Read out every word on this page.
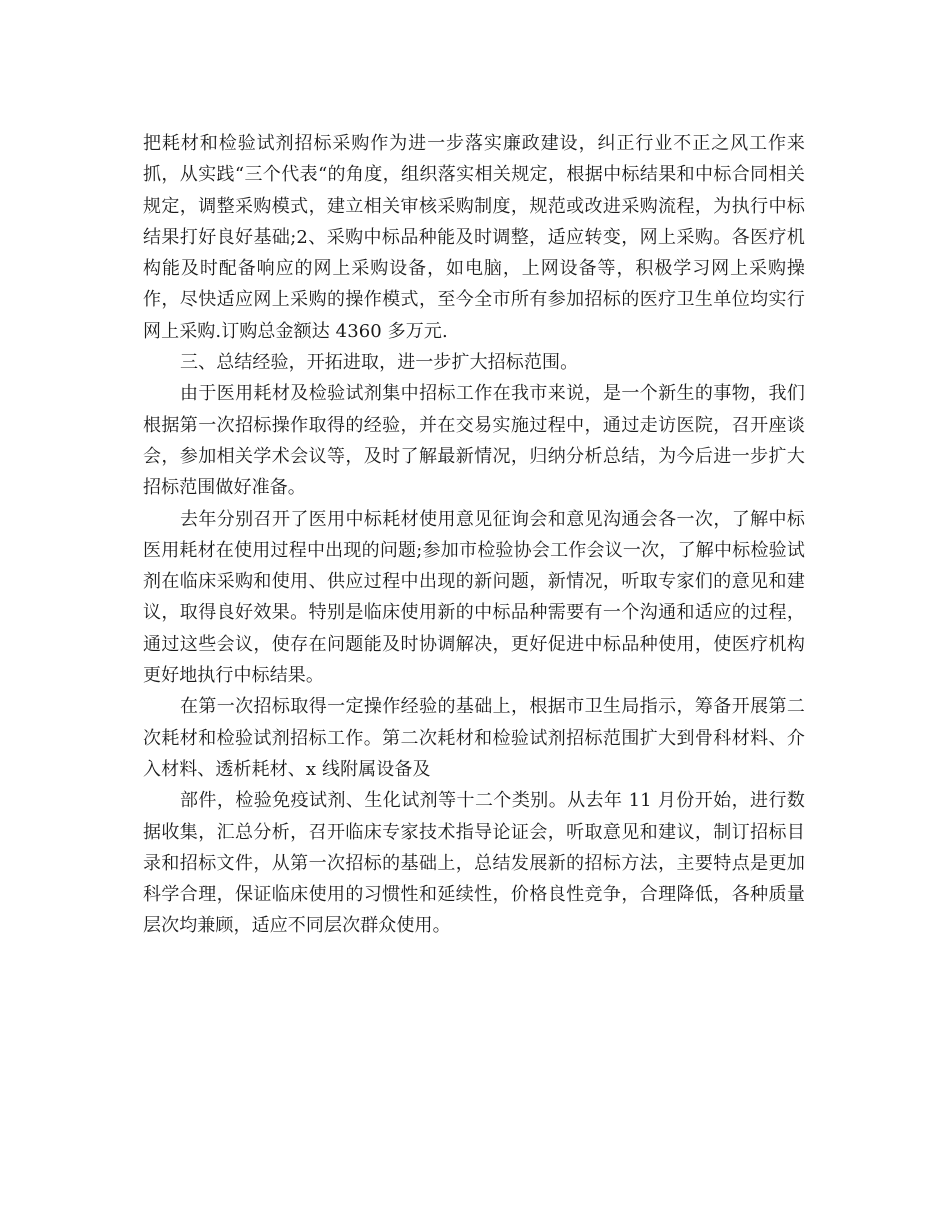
把耗材和检验试剂招标采购作为进一步落实廉政建设，纠正行业不正之风工作来抓，从实践“三个代表“的角度，组织落实相关规定，根据中标结果和中标合同相关规定，调整采购模式，建立相关审核采购制度，规范或改进采购流程，为执行中标结果打好良好基础;2、采购中标品种能及时调整，适应转变，网上采购。各医疗机构能及时配备响应的网上采购设备，如电脑，上网设备等，积极学习网上采购操作，尽快适应网上采购的操作模式，至今全市所有参加招标的医疗卫生单位均实行网上采购.订购总金额达 4360 多万元.

三、总结经验，开拓进取，进一步扩大招标范围。

由于医用耗材及检验试剂集中招标工作在我市来说，是一个新生的事物，我们根据第一次招标操作取得的经验，并在交易实施过程中，通过走访医院，召开座谈会，参加相关学术会议等，及时了解最新情况，归纳分析总结，为今后进一步扩大招标范围做好准备。

去年分别召开了医用中标耗材使用意见征询会和意见沟通会各一次，了解中标医用耗材在使用过程中出现的问题;参加市检验协会工作会议一次，了解中标检验试剂在临床采购和使用、供应过程中出现的新问题，新情况，听取专家们的意见和建议，取得良好效果。特别是临床使用新的中标品种需要有一个沟通和适应的过程，通过这些会议，使存在问题能及时协调解决，更好促进中标品种使用，使医疗机构更好地执行中标结果。

在第一次招标取得一定操作经验的基础上，根据市卫生局指示，筹备开展第二次耗材和检验试剂招标工作。第二次耗材和检验试剂招标范围扩大到骨科材料、介入材料、透析耗材、x 线附属设备及

部件，检验免疫试剂、生化试剂等十二个类别。从去年 11 月份开始，进行数据收集，汇总分析，召开临床专家技术指导论证会，听取意见和建议，制订招标目录和招标文件，从第一次招标的基础上，总结发展新的招标方法，主要特点是更加科学合理，保证临床使用的习惯性和延续性，价格良性竞争，合理降低，各种质量层次均兼顾，适应不同层次群众使用。
